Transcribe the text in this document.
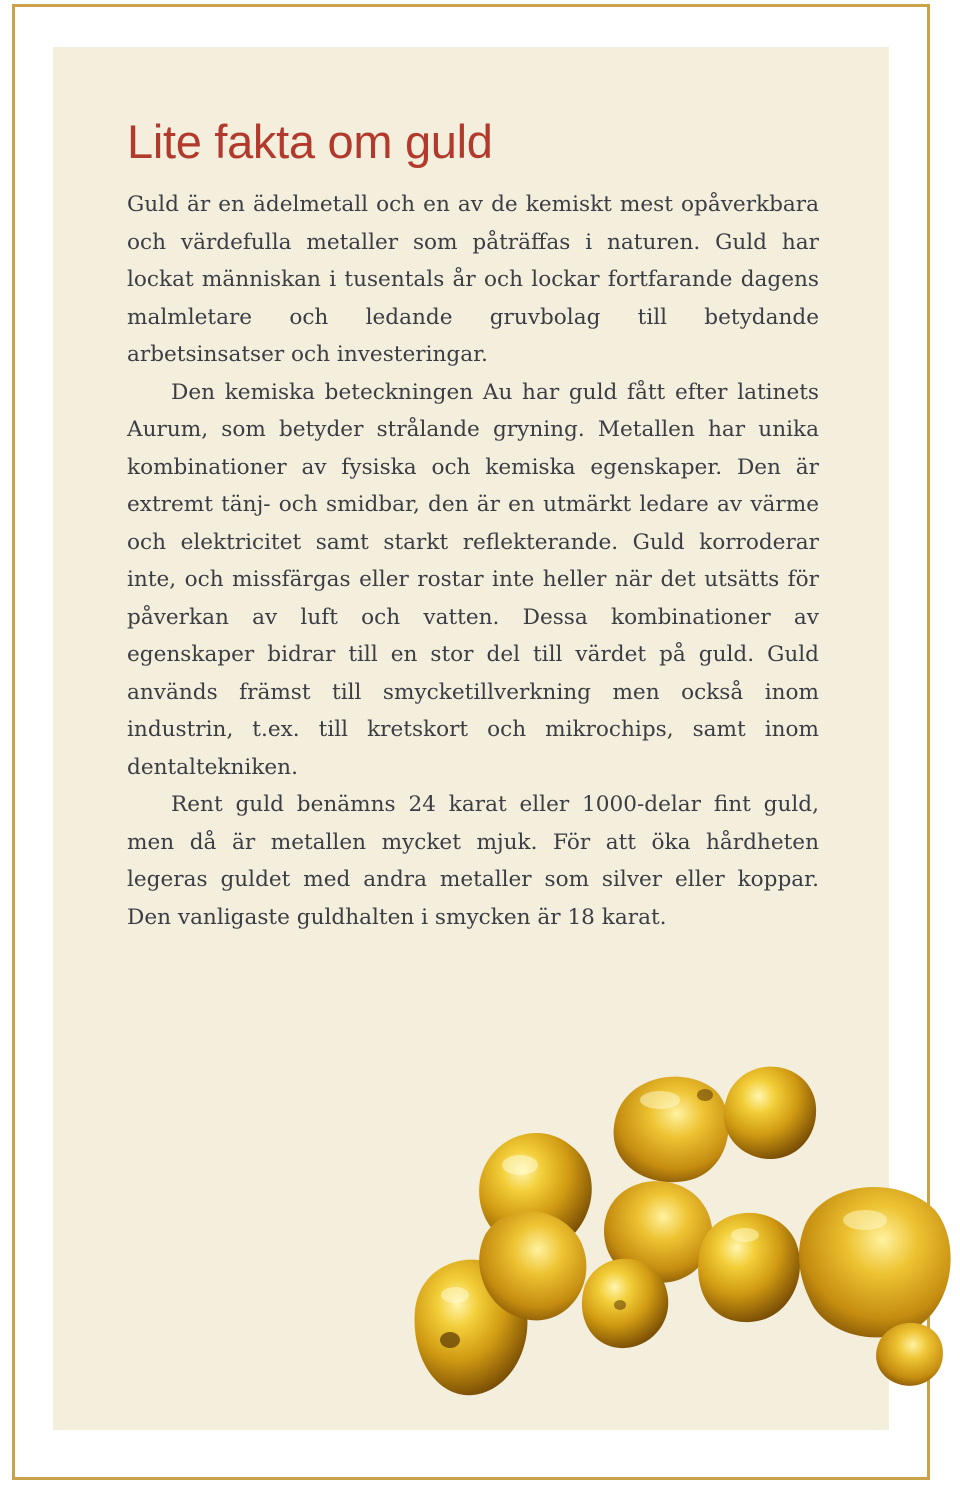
Lite fakta om guld

Guld är en ädelmetall och en av de kemiskt mest opåverkbara och värdefulla metaller som påträffas i naturen. Guld har lockat människan i tusentals år och lockar fortfarande dagens malmletare och ledande gruvbolag till betydande arbetsinsatser och investeringar.

Den kemiska beteckningen Au har guld fått efter latinets Aurum, som betyder strålande gryning. Metallen har unika kombinationer av fysiska och kemiska egenskaper. Den är extremt tänj- och smidbar, den är en utmärkt ledare av värme och elektricitet samt starkt reflekterande. Guld korroderar inte, och missfärgas eller rostar inte heller när det utsätts för påverkan av luft och vatten. Dessa kombinationer av egenskaper bidrar till en stor del till värdet på guld. Guld används främst till smycketillverkning men också inom industrin, t.ex. till kretskort och mikrochips, samt inom dentaltekniken.

Rent guld benämns 24 karat eller 1000-delar fint guld, men då är metallen mycket mjuk. För att öka hårdheten legeras guldet med andra metaller som silver eller koppar. Den vanligaste guldhalten i smycken är 18 karat.
